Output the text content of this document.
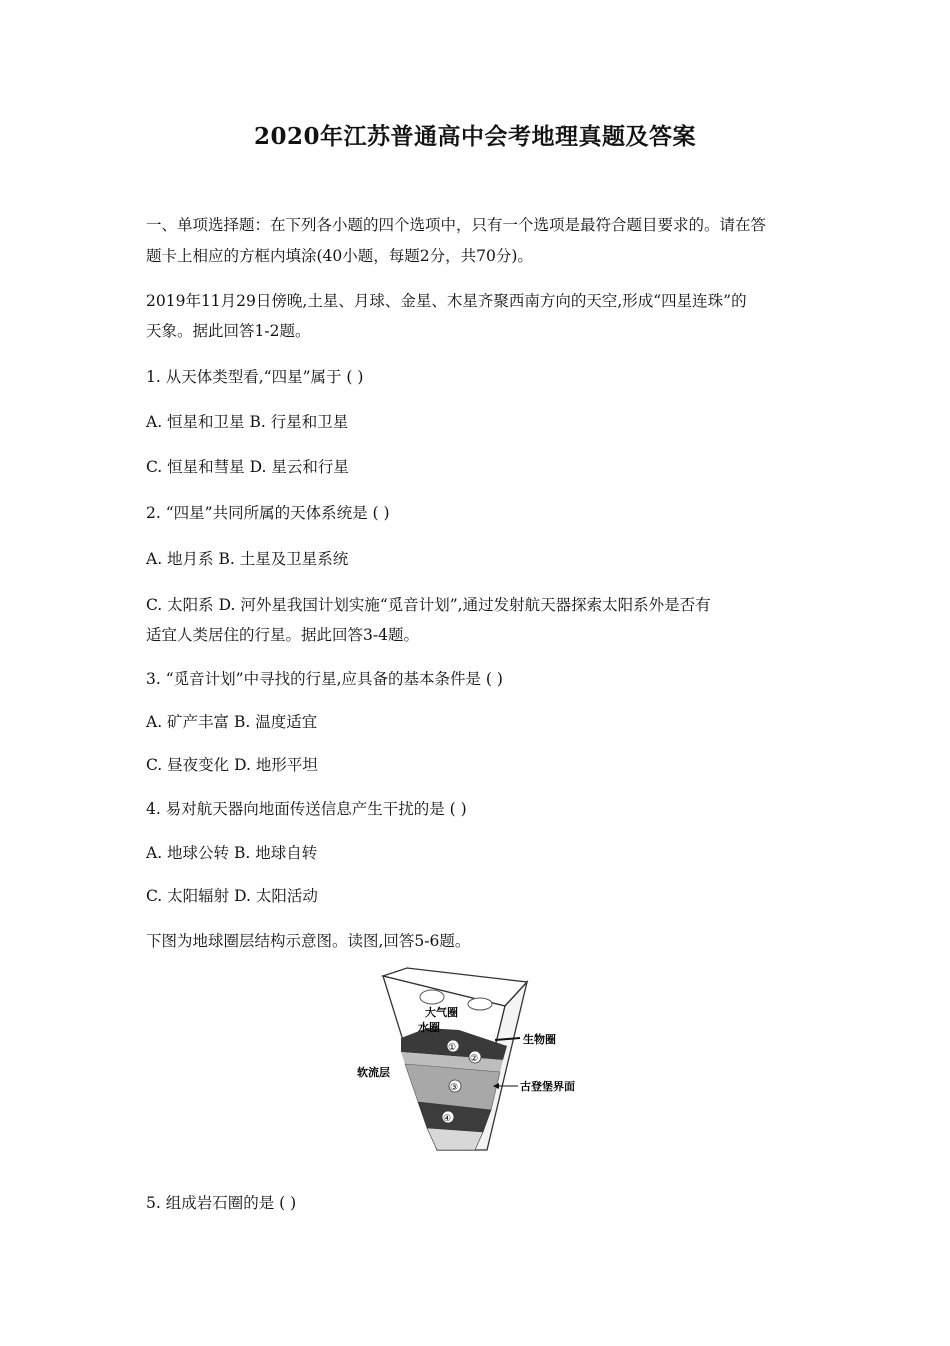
2020年江苏普通高中会考地理真题及答案
一、单项选择题：在下列各小题的四个选项中，只有一个选项是最符合题目要求的。请在答
题卡上相应的方框内填涂(40小题，每题2分，共70分)。
2019年11月29日傍晚,土星、月球、金星、木星齐聚西南方向的天空,形成“四星连珠”的
天象。据此回答1-2题。
1. 从天体类型看,“四星”属于 ( )
A. 恒星和卫星 B. 行星和卫星
C. 恒星和彗星 D. 星云和行星
2. “四星”共同所属的天体系统是 ( )
A. 地月系 B. 土星及卫星系统
C. 太阳系 D. 河外星我国计划实施“觅音计划”,通过发射航天器探索太阳系外是否有
适宜人类居住的行星。据此回答3-4题。
3. “觅音计划”中寻找的行星,应具备的基本条件是 ( )
A. 矿产丰富 B. 温度适宜
C. 昼夜变化 D. 地形平坦
4. 易对航天器向地面传送信息产生干扰的是 ( )
A. 地球公转 B. 地球自转
C. 太阳辐射 D. 太阳活动
下图为地球圈层结构示意图。读图,回答5-6题。
大气圈
水圈
①
②
③
④
生物圈
软流层
古登堡界面
5. 组成岩石圈的是 ( )
